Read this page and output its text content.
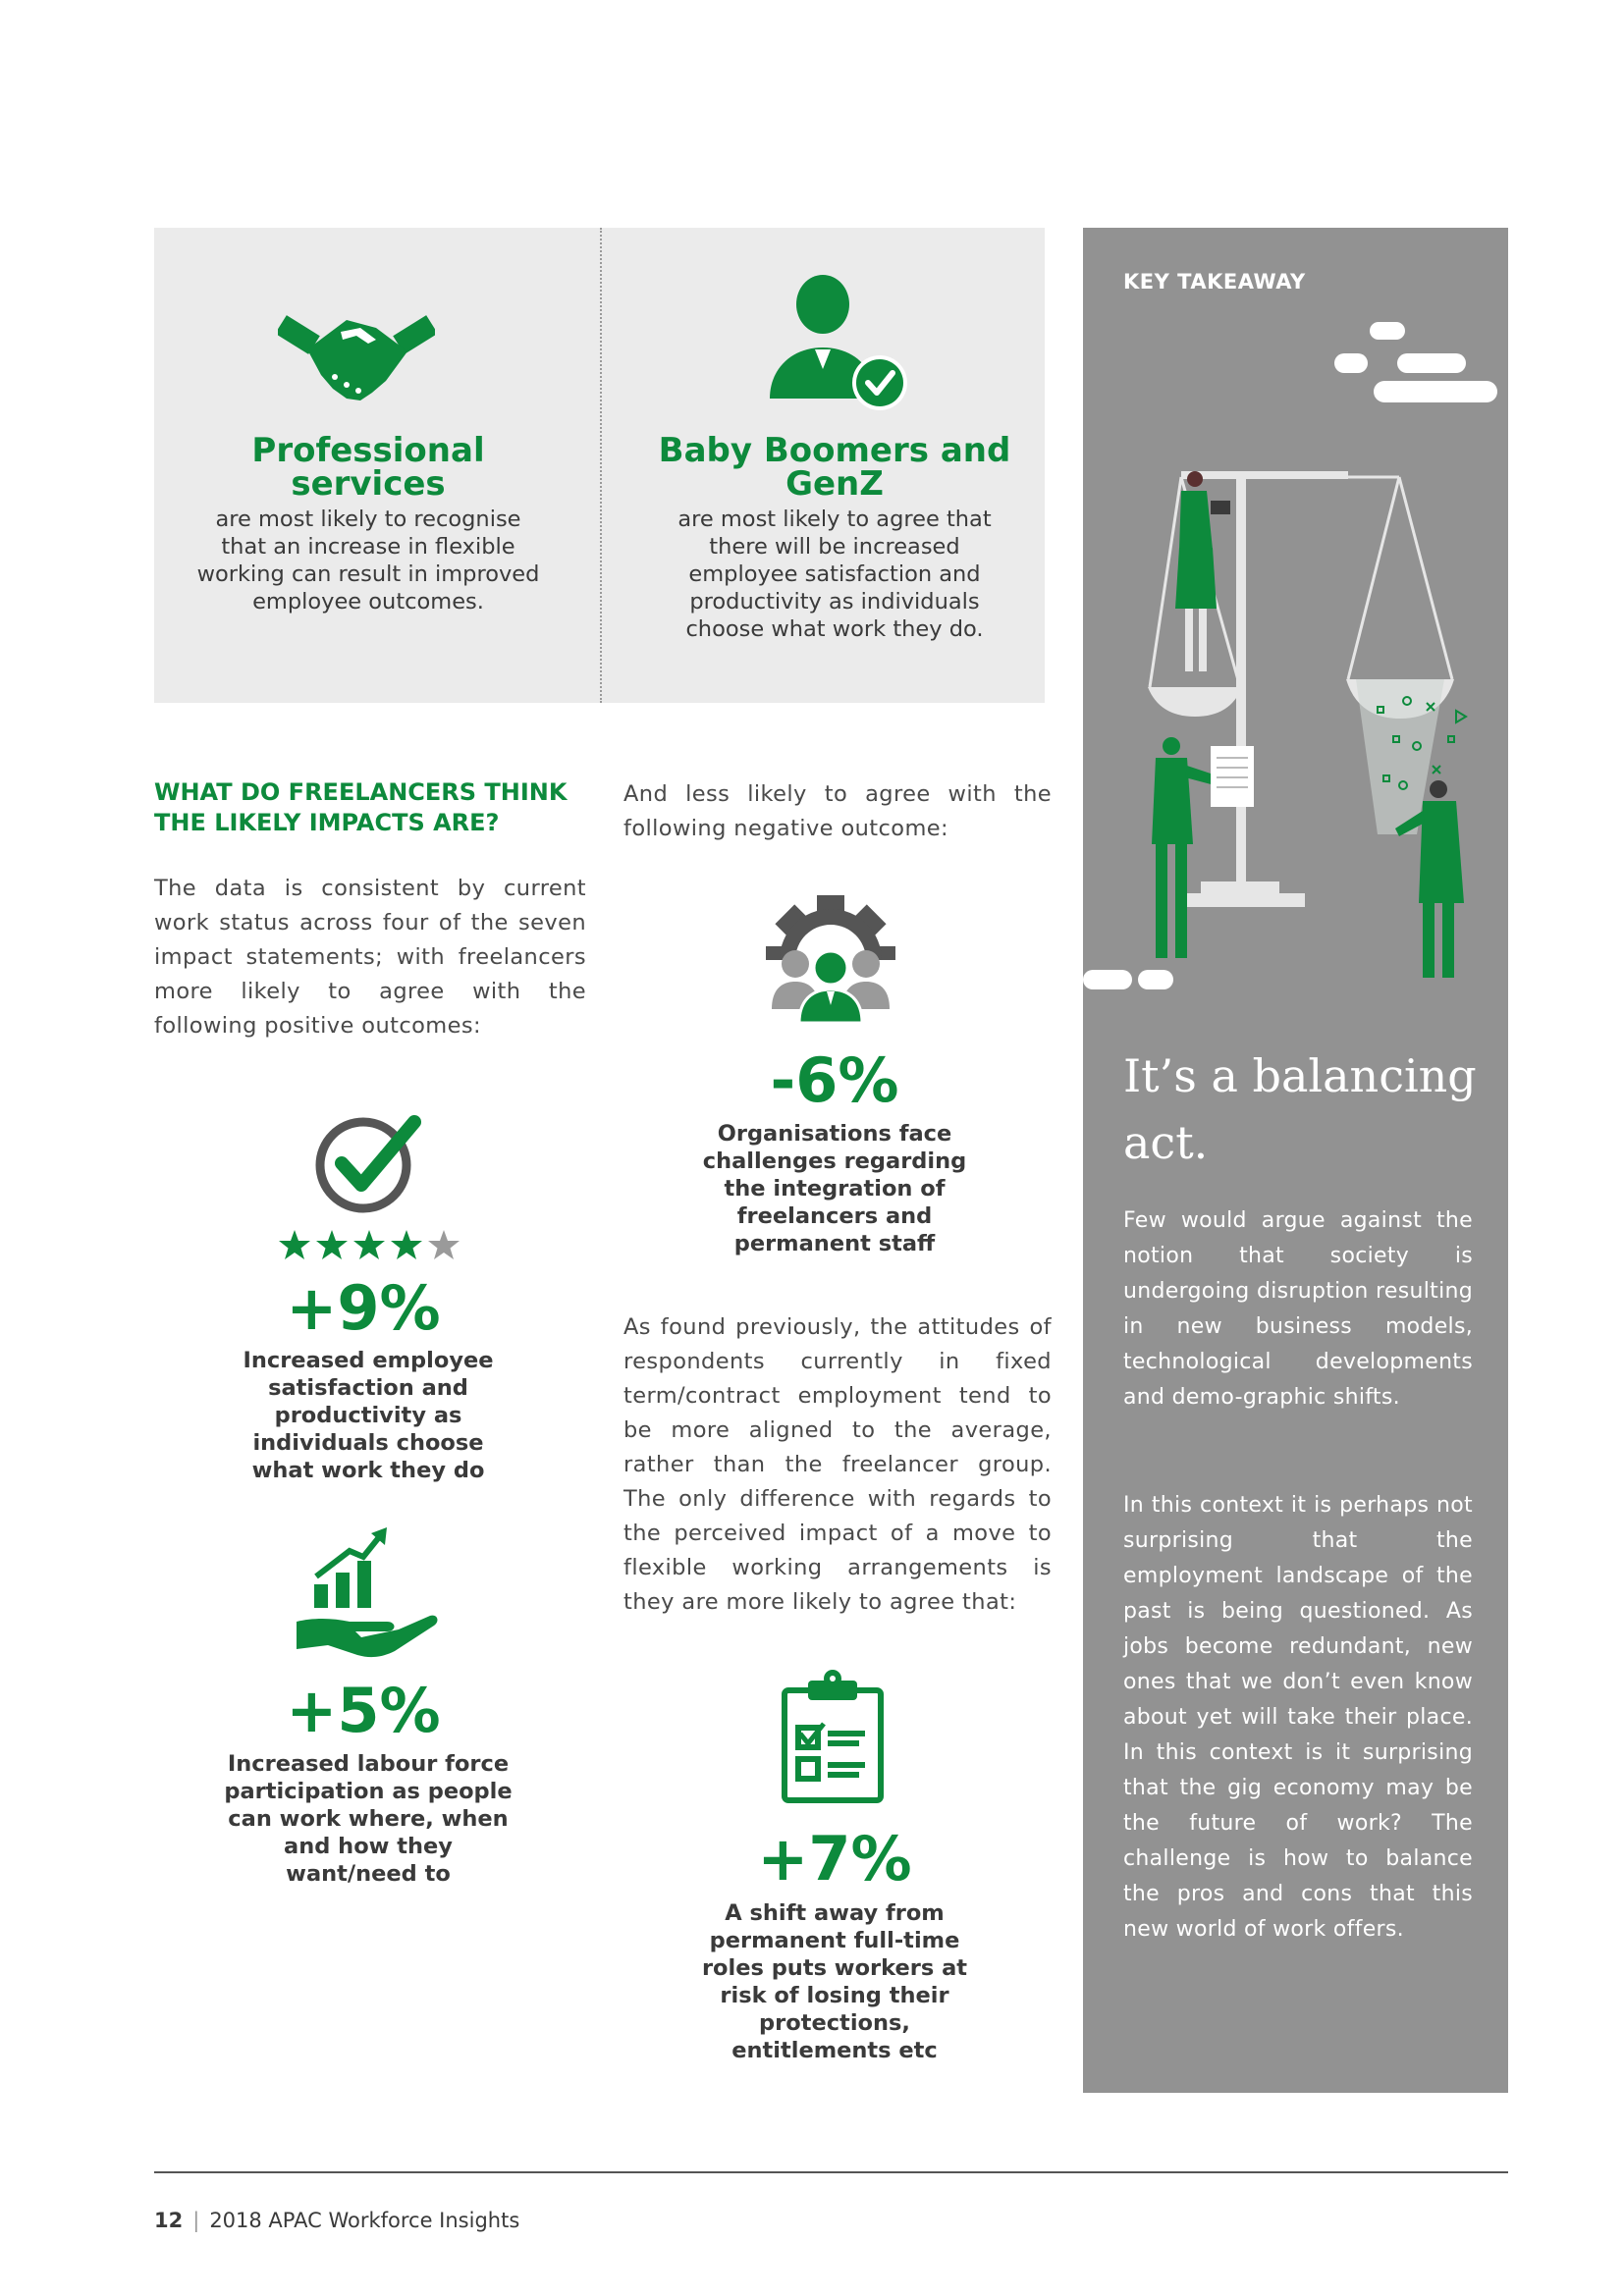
Professional services
are most likely to recognise that an increase in flexible working can result in improved employee outcomes.
Baby Boomers and GenZ
are most likely to agree that there will be increased employee satisfaction and productivity as individuals choose what work they do.
WHAT DO FREELANCERS THINK THE LIKELY IMPACTS ARE?
The data is consistent by current work status across four of the seven impact statements; with freelancers more likely to agree with the following positive outcomes:
+9%
Increased employee satisfaction and productivity as individuals choose what work they do
+5%
Increased labour force participation as people can work where, when and how they want/need to
And less likely to agree with the following negative outcome:
-6%
Organisations face challenges regarding the integration of freelancers and permanent staff
As found previously, the attitudes of respondents currently in fixed term/contract employment tend to be more aligned to the average, rather than the freelancer group. The only difference with regards to the perceived impact of a move to flexible working arrangements is they are more likely to agree that:
+7%
A shift away from permanent full-time roles puts workers at risk of losing their protections, entitlements etc
KEY TAKEAWAY
It’s a balancing act.
Few would argue against the notion that society is undergoing disruption resulting in new business models, technological developments and demo-graphic shifts.
In this context it is perhaps not surprising that the employment landscape of the past is being questioned. As jobs become redundant, new ones that we don’t even know about yet will take their place. In this context is it surprising that the gig economy may be the future of work? The challenge is how to balance the pros and cons that this new world of work offers.
12 | 2018 APAC Workforce Insights
